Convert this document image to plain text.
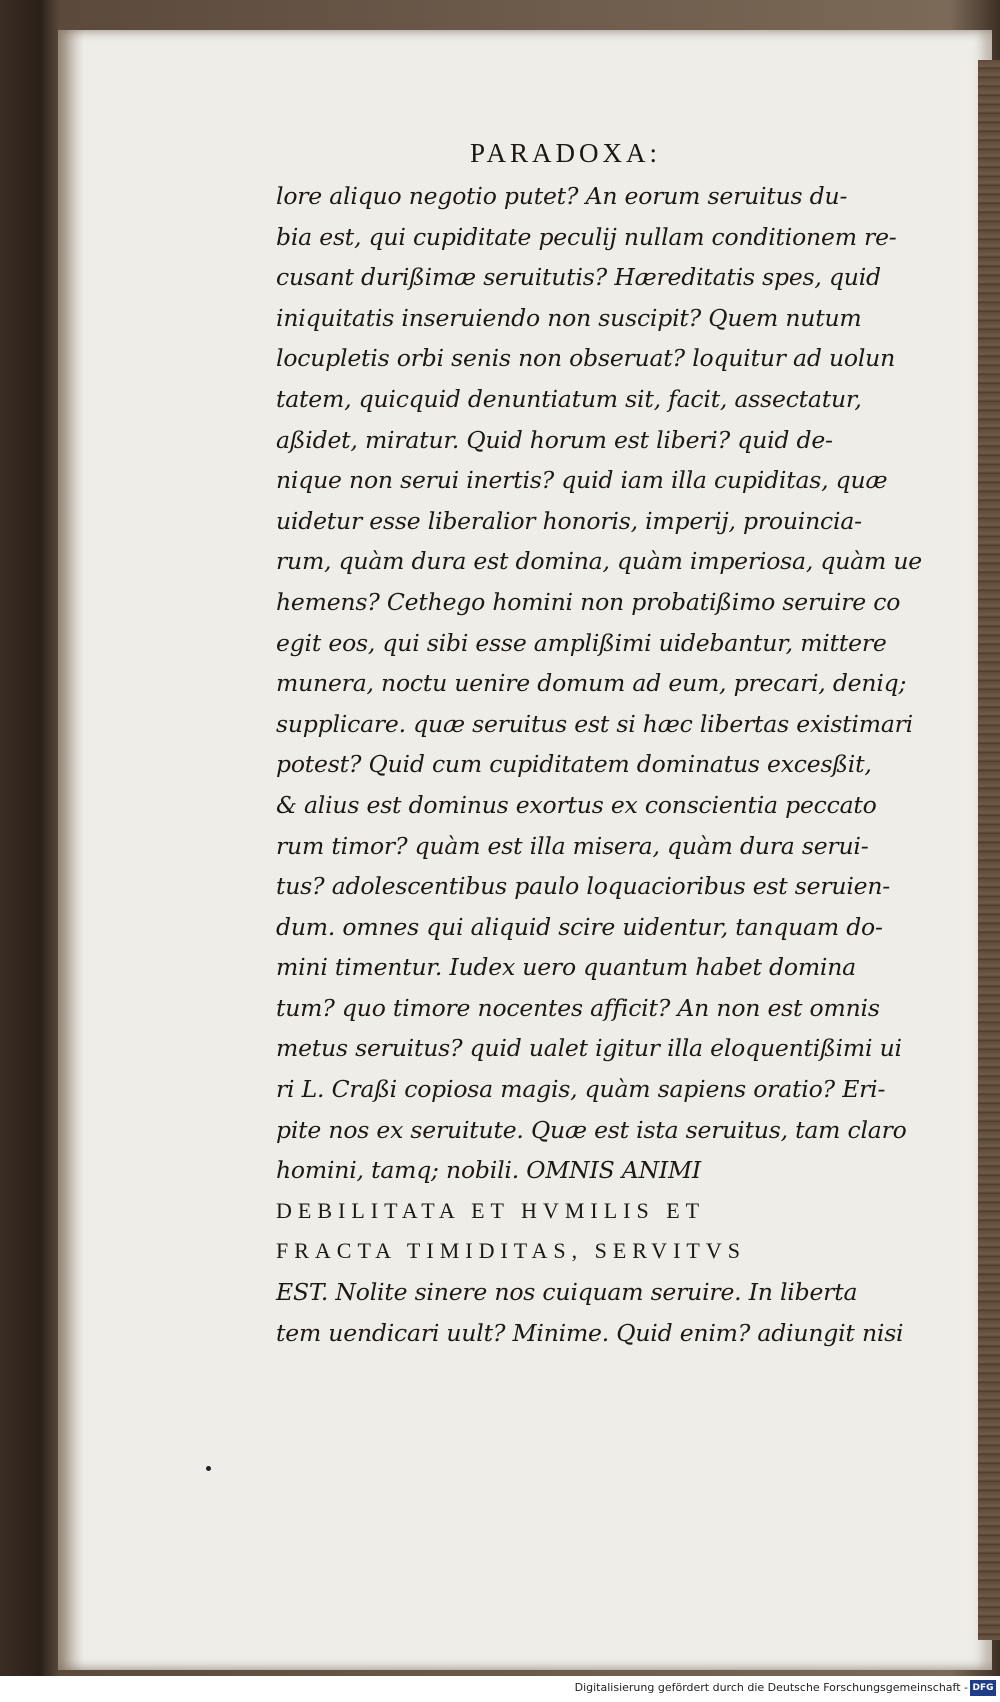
PARADOXA:
lore aliquo negotio putet? An eorum seruitus du‐
bia est, qui cupiditate peculij nullam conditionem re‐
cusant durißimæ seruitutis? Hæreditatis spes, quid
iniquitatis inseruiendo non suscipit? Quem nutum
locupletis orbi senis non obseruat? loquitur ad uolun
tatem, quicquid denuntiatum sit, facit, assectatur,
aßidet, miratur. Quid horum est liberi? quid de‐
nique non serui inertis? quid iam illa cupiditas, quæ
uidetur esse liberalior honoris, imperij, prouincia‐
rum, quàm dura est domina, quàm imperiosa, quàm ue
hemens? Cethego homini non probatißimo seruire co
egit eos, qui sibi esse amplißimi uidebantur, mittere
munera, noctu uenire domum ad eum, precari, deniq;
supplicare. quæ seruitus est si hæc libertas existimari
potest? Quid cum cupiditatem dominatus excesßit,
& alius est dominus exortus ex conscientia peccato
rum timor? quàm est illa misera, quàm dura serui‐
tus? adolescentibus paulo loquacioribus est seruien‐
dum. omnes qui aliquid scire uidentur, tanquam do‐
mini timentur. Iudex uero quantum habet domina
tum? quo timore nocentes afficit? An non est omnis
metus seruitus? quid ualet igitur illa eloquentißimi ui
ri L. Craßi copiosa magis, quàm sapiens oratio? Eri‐
pite nos ex seruitute. Quæ est ista seruitus, tam claro
homini, tamq; nobili. OMNIS ANIMI
DEBILITATA ET HVMILIS ET
FRACTA TIMIDITAS, SERVITVS
EST. Nolite sinere nos cuiquam seruire. In liberta
tem uendicari uult? Minime. Quid enim? adiungit nisi
Digitalisierung gefördert durch die Deutsche Forschungsgemeinschaft - DFG
